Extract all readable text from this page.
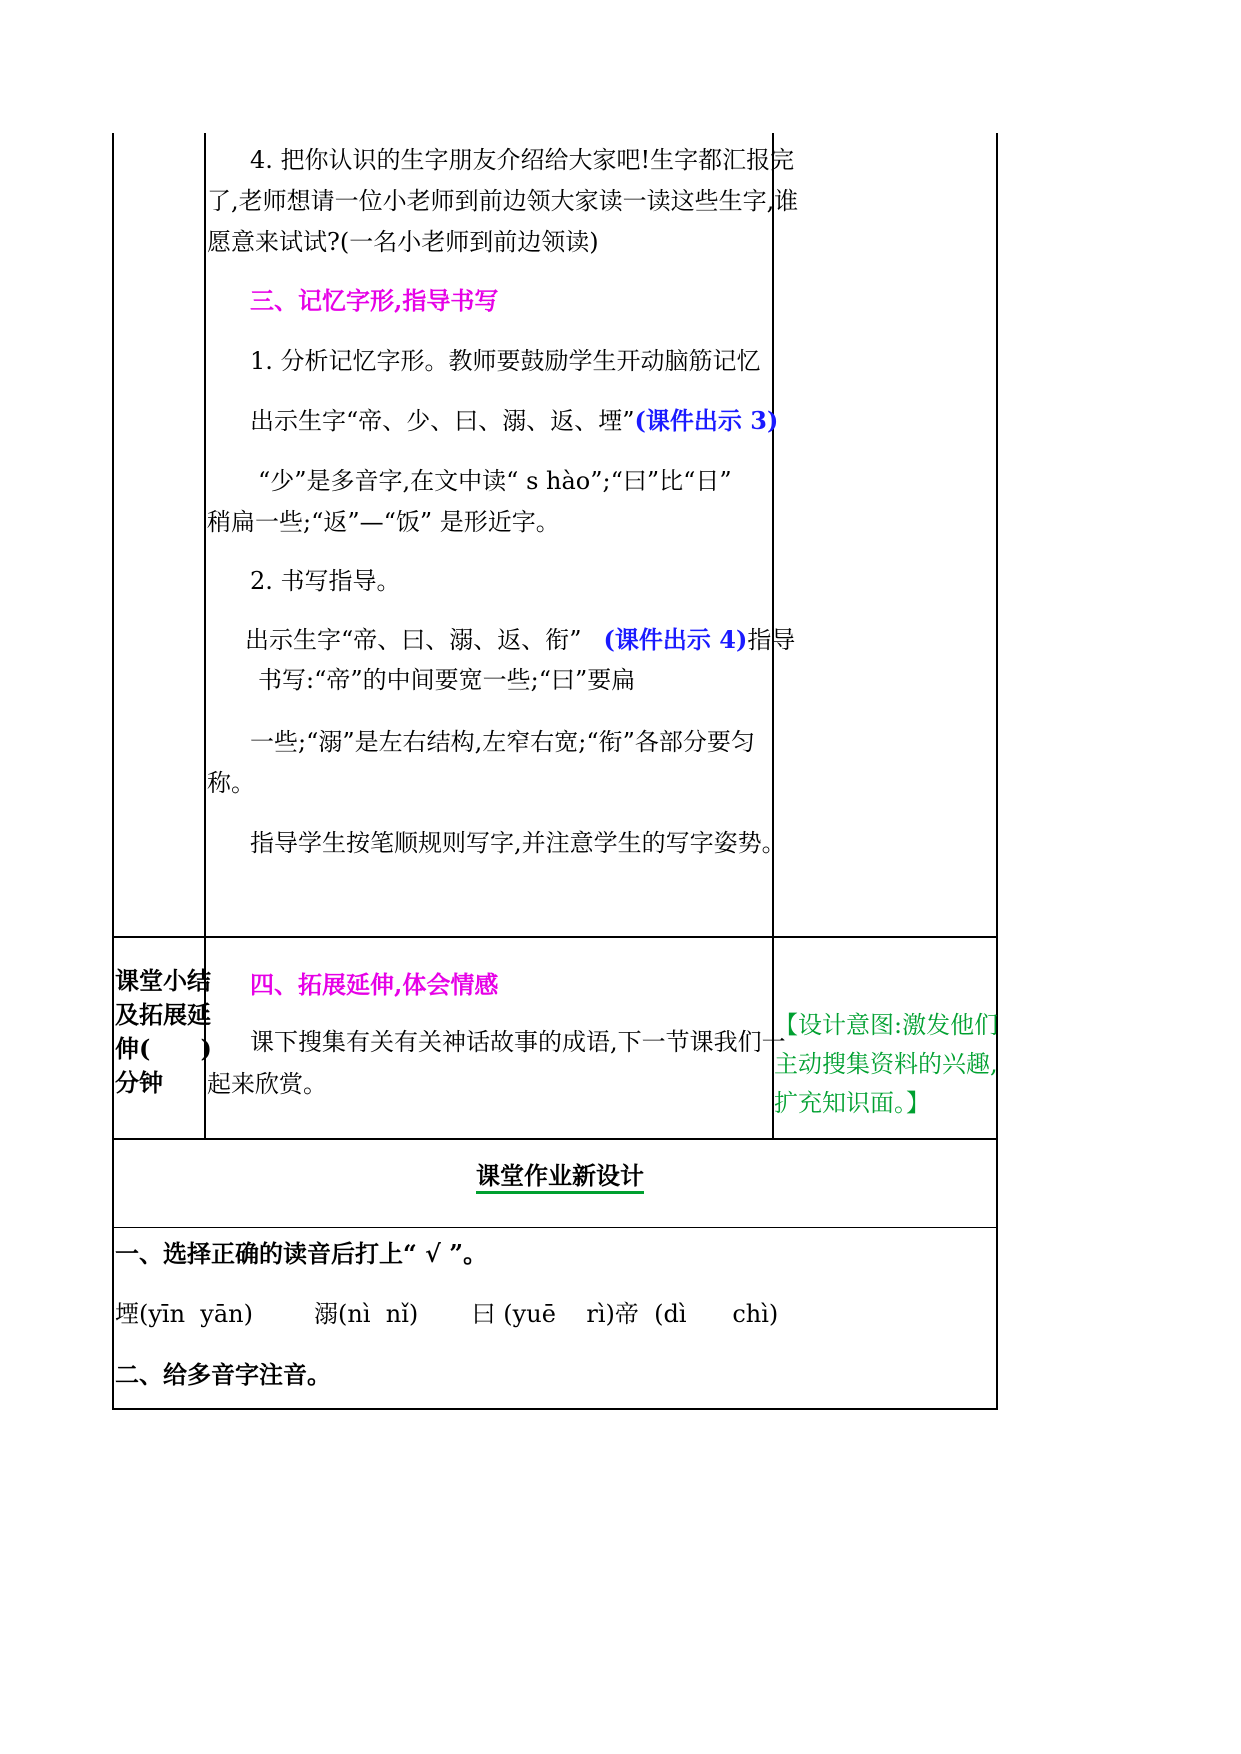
4. 把你认识的生字朋友介绍给大家吧!生字都汇报完
了,老师想请一位小老师到前边领大家读一读这些生字,谁
愿意来试试?(一名小老师到前边领读)
三、记忆字形,指导书写
1. 分析记忆字形。教师要鼓励学生开动脑筋记忆
出示生字“帝、少、曰、溺、返、堙”(课件出示 3)
“少”是多音字,在文中读“ s hào”;“曰”比“日”
稍扁一些;“返”—“饭” 是形近字。
2. 书写指导。
出示生字“帝、曰、溺、返、衔” (课件出示 4)指导
书写:“帝”的中间要宽一些;“曰”要扁
一些;“溺”是左右结构,左窄右宽;“衔”各部分要匀
称。
指导学生按笔顺规则写字,并注意学生的写字姿势。
课堂小结
及拓展延
伸(      )
分钟
四、拓展延伸,体会情感
课下搜集有关有关神话故事的成语,下一节课我们一
起来欣赏。
【设计意图:激发他们
主动搜集资料的兴趣,
扩充知识面。】
课堂作业新设计
一、选择正确的读音后打上“ √ ”。
堙(yīn  yān)        溺(nì  nǐ)       曰 (yuē    rì)帝  (dì      chì)
二、给多音字注音。
